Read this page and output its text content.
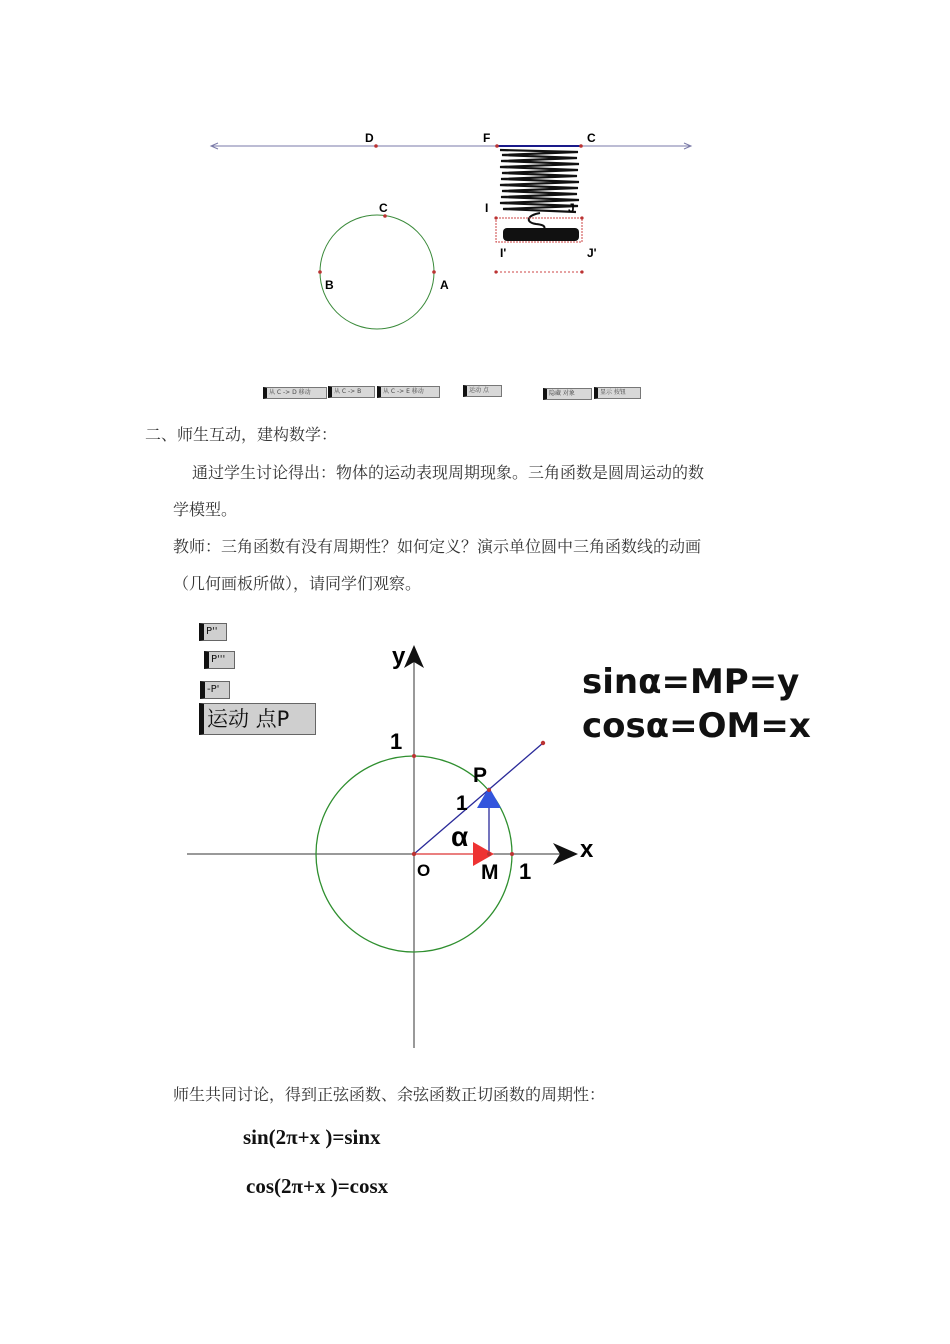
D	F	C
I	J
I'	J'
C
B	A
从 C -> D 移动	从 C -> B	从 C -> E 移动	运动 点	隐藏 对象	显示 按钮
二、师生互动，建构数学：
通过学生讨论得出：物体的运动表现周期现象。三角函数是圆周运动的数
学模型。
教师：三角函数有没有周期性？如何定义？演示单位圆中三角函数线的动画
（几何画板所做），请同学们观察。
P''
P'''
-P'
运动 点P
y
x
1
1
O
P
M
1
α
sinα=MP=y
cosα=OM=x
师生共同讨论，得到正弦函数、余弦函数正切函数的周期性：
sin(2π+x )=sinx
cos(2π+x )=cosx
